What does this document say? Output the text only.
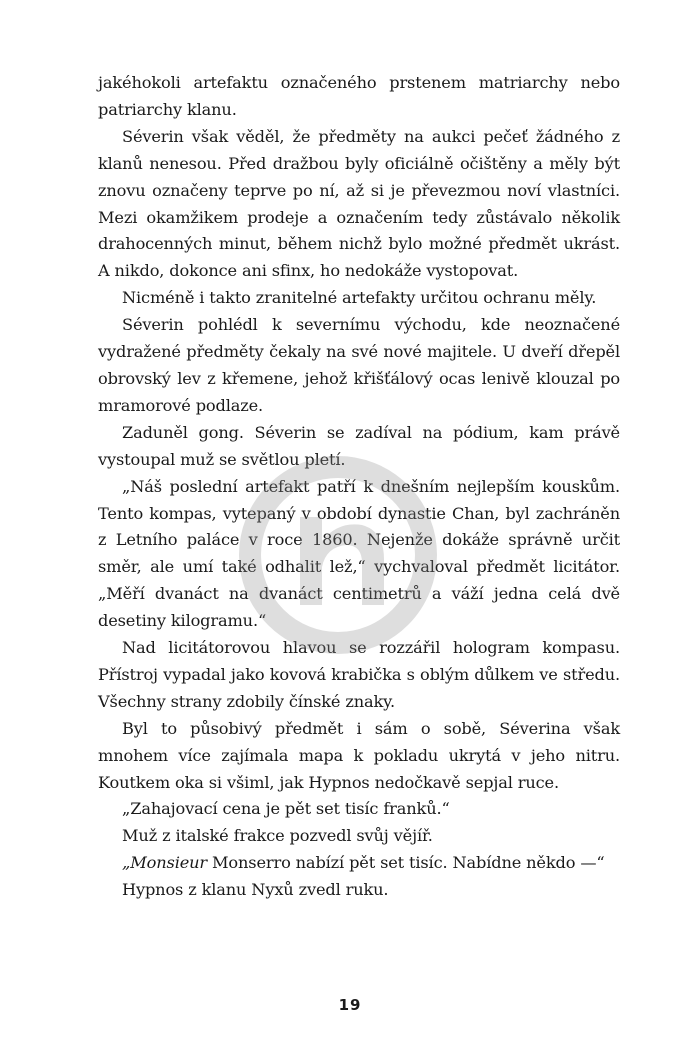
jakéhokoli artefaktu označeného prstenem matriarchy nebo patriarchy klanu.

Séverin však věděl, že předměty na aukci pečeť žádného z klanů nenesou. Před dražbou byly oficiálně očištěny a měly být znovu označeny teprve po ní, až si je převezmou noví vlastníci. Mezi okamžikem prodeje a označením tedy zůstávalo několik drahocenných minut, během nichž bylo možné předmět ukrást. A nikdo, dokonce ani sfinx, ho nedokáže vystopovat.

Nicméně i takto zranitelné artefakty určitou ochranu měly.

Séverin pohlédl k severnímu východu, kde neoznačené vydražené předměty čekaly na své nové majitele. U dveří dřepěl obrovský lev z křemene, jehož křišťálový ocas lenivě klouzal po mramorové podlaze.

Zaduněl gong. Séverin se zadíval na pódium, kam právě vystoupal muž se světlou pletí.

„Náš poslední artefakt patří k dnešním nejlepším kouskům. Tento kompas, vytepaný v období dynastie Chan, byl zachráněn z Letního paláce v roce 1860. Nejenže dokáže správně určit směr, ale umí také odhalit lež,“ vychvaloval předmět licitátor. „Měří dvanáct na dvanáct centimetrů a váží jedna celá dvě desetiny kilogramu.“

Nad licitátorovou hlavou se rozzářil hologram kompasu. Přístroj vypadal jako kovová krabička s oblým důlkem ve středu. Všechny strany zdobily čínské znaky.

Byl to působivý předmět i sám o sobě, Séverina však mnohem více zajímala mapa k pokladu ukrytá v jeho nitru. Koutkem oka si všiml, jak Hypnos nedočkavě sepjal ruce.

„Zahajovací cena je pět set tisíc franků.“

Muž z italské frakce pozvedl svůj vějíř.

„Monsieur Monserro nabízí pět set tisíc. Nabídne někdo —“

Hypnos z klanu Nyxů zvedl ruku.

19
